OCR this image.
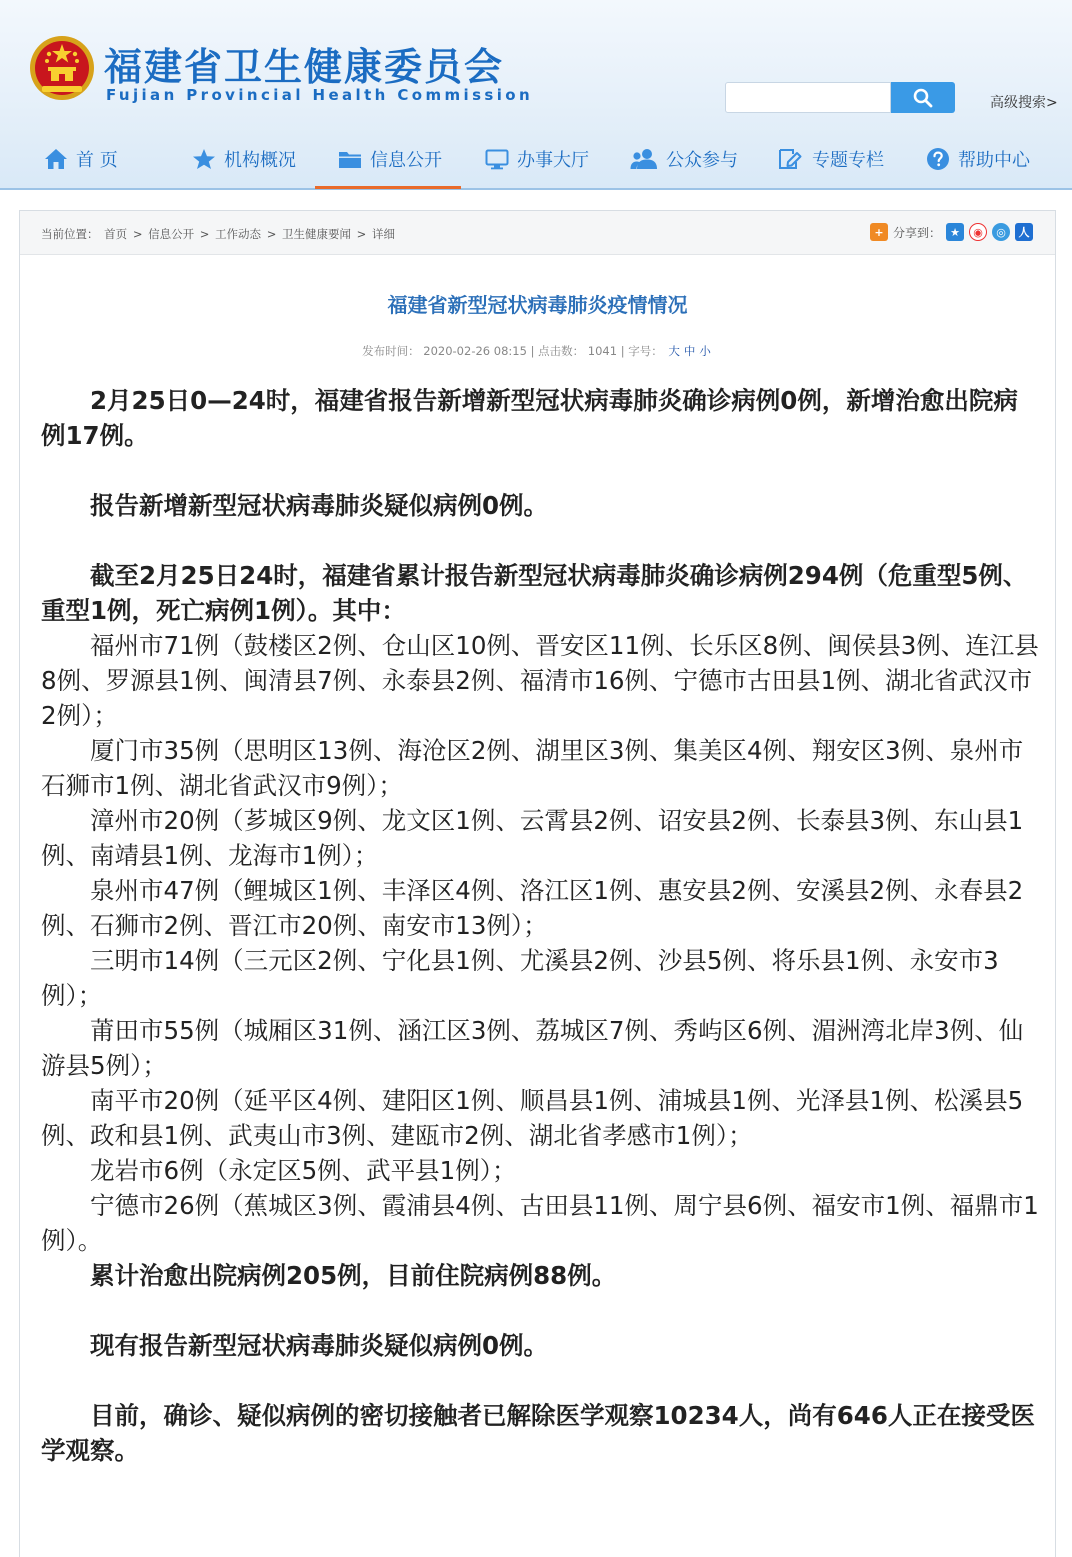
福建省卫生健康委员会
Fujian Provincial Health Commission	高级搜索>
首 页	机构概况	信息公开	办事大厅	公众参与	专题专栏	帮助中心
当前位置： 首页 > 信息公开 > 工作动态 > 卫生健康要闻 > 详细	+ 分享到： ★	◉	◎	人
福建省新型冠状病毒肺炎疫情情况
发布时间： 2020-02-26 08:15 | 点击数： 1041 | 字号： 大 中 小

2月25日0—24时，福建省报告新增新型冠状病毒肺炎确诊病例0例，新增治愈出院病例17例。

报告新增新型冠状病毒肺炎疑似病例0例。

截至2月25日24时，福建省累计报告新型冠状病毒肺炎确诊病例294例（危重型5例、重型1例，死亡病例1例）。其中：

福州市71例（鼓楼区2例、仓山区10例、晋安区11例、长乐区8例、闽侯县3例、连江县8例、罗源县1例、闽清县7例、永泰县2例、福清市16例、宁德市古田县1例、湖北省武汉市2例）；

厦门市35例（思明区13例、海沧区2例、湖里区3例、集美区4例、翔安区3例、泉州市石狮市1例、湖北省武汉市9例）；

漳州市20例（芗城区9例、龙文区1例、云霄县2例、诏安县2例、长泰县3例、东山县1例、南靖县1例、龙海市1例）；

泉州市47例（鲤城区1例、丰泽区4例、洛江区1例、惠安县2例、安溪县2例、永春县2例、石狮市2例、晋江市20例、南安市13例）；

三明市14例（三元区2例、宁化县1例、尤溪县2例、沙县5例、将乐县1例、永安市3例）；

莆田市55例（城厢区31例、涵江区3例、荔城区7例、秀屿区6例、湄洲湾北岸3例、仙游县5例）；

南平市20例（延平区4例、建阳区1例、顺昌县1例、浦城县1例、光泽县1例、松溪县5例、政和县1例、武夷山市3例、建瓯市2例、湖北省孝感市1例）；

龙岩市6例（永定区5例、武平县1例）；

宁德市26例（蕉城区3例、霞浦县4例、古田县11例、周宁县6例、福安市1例、福鼎市1例）。

累计治愈出院病例205例，目前住院病例88例。

现有报告新型冠状病毒肺炎疑似病例0例。

目前，确诊、疑似病例的密切接触者已解除医学观察10234人，尚有646人正在接受医学观察。
